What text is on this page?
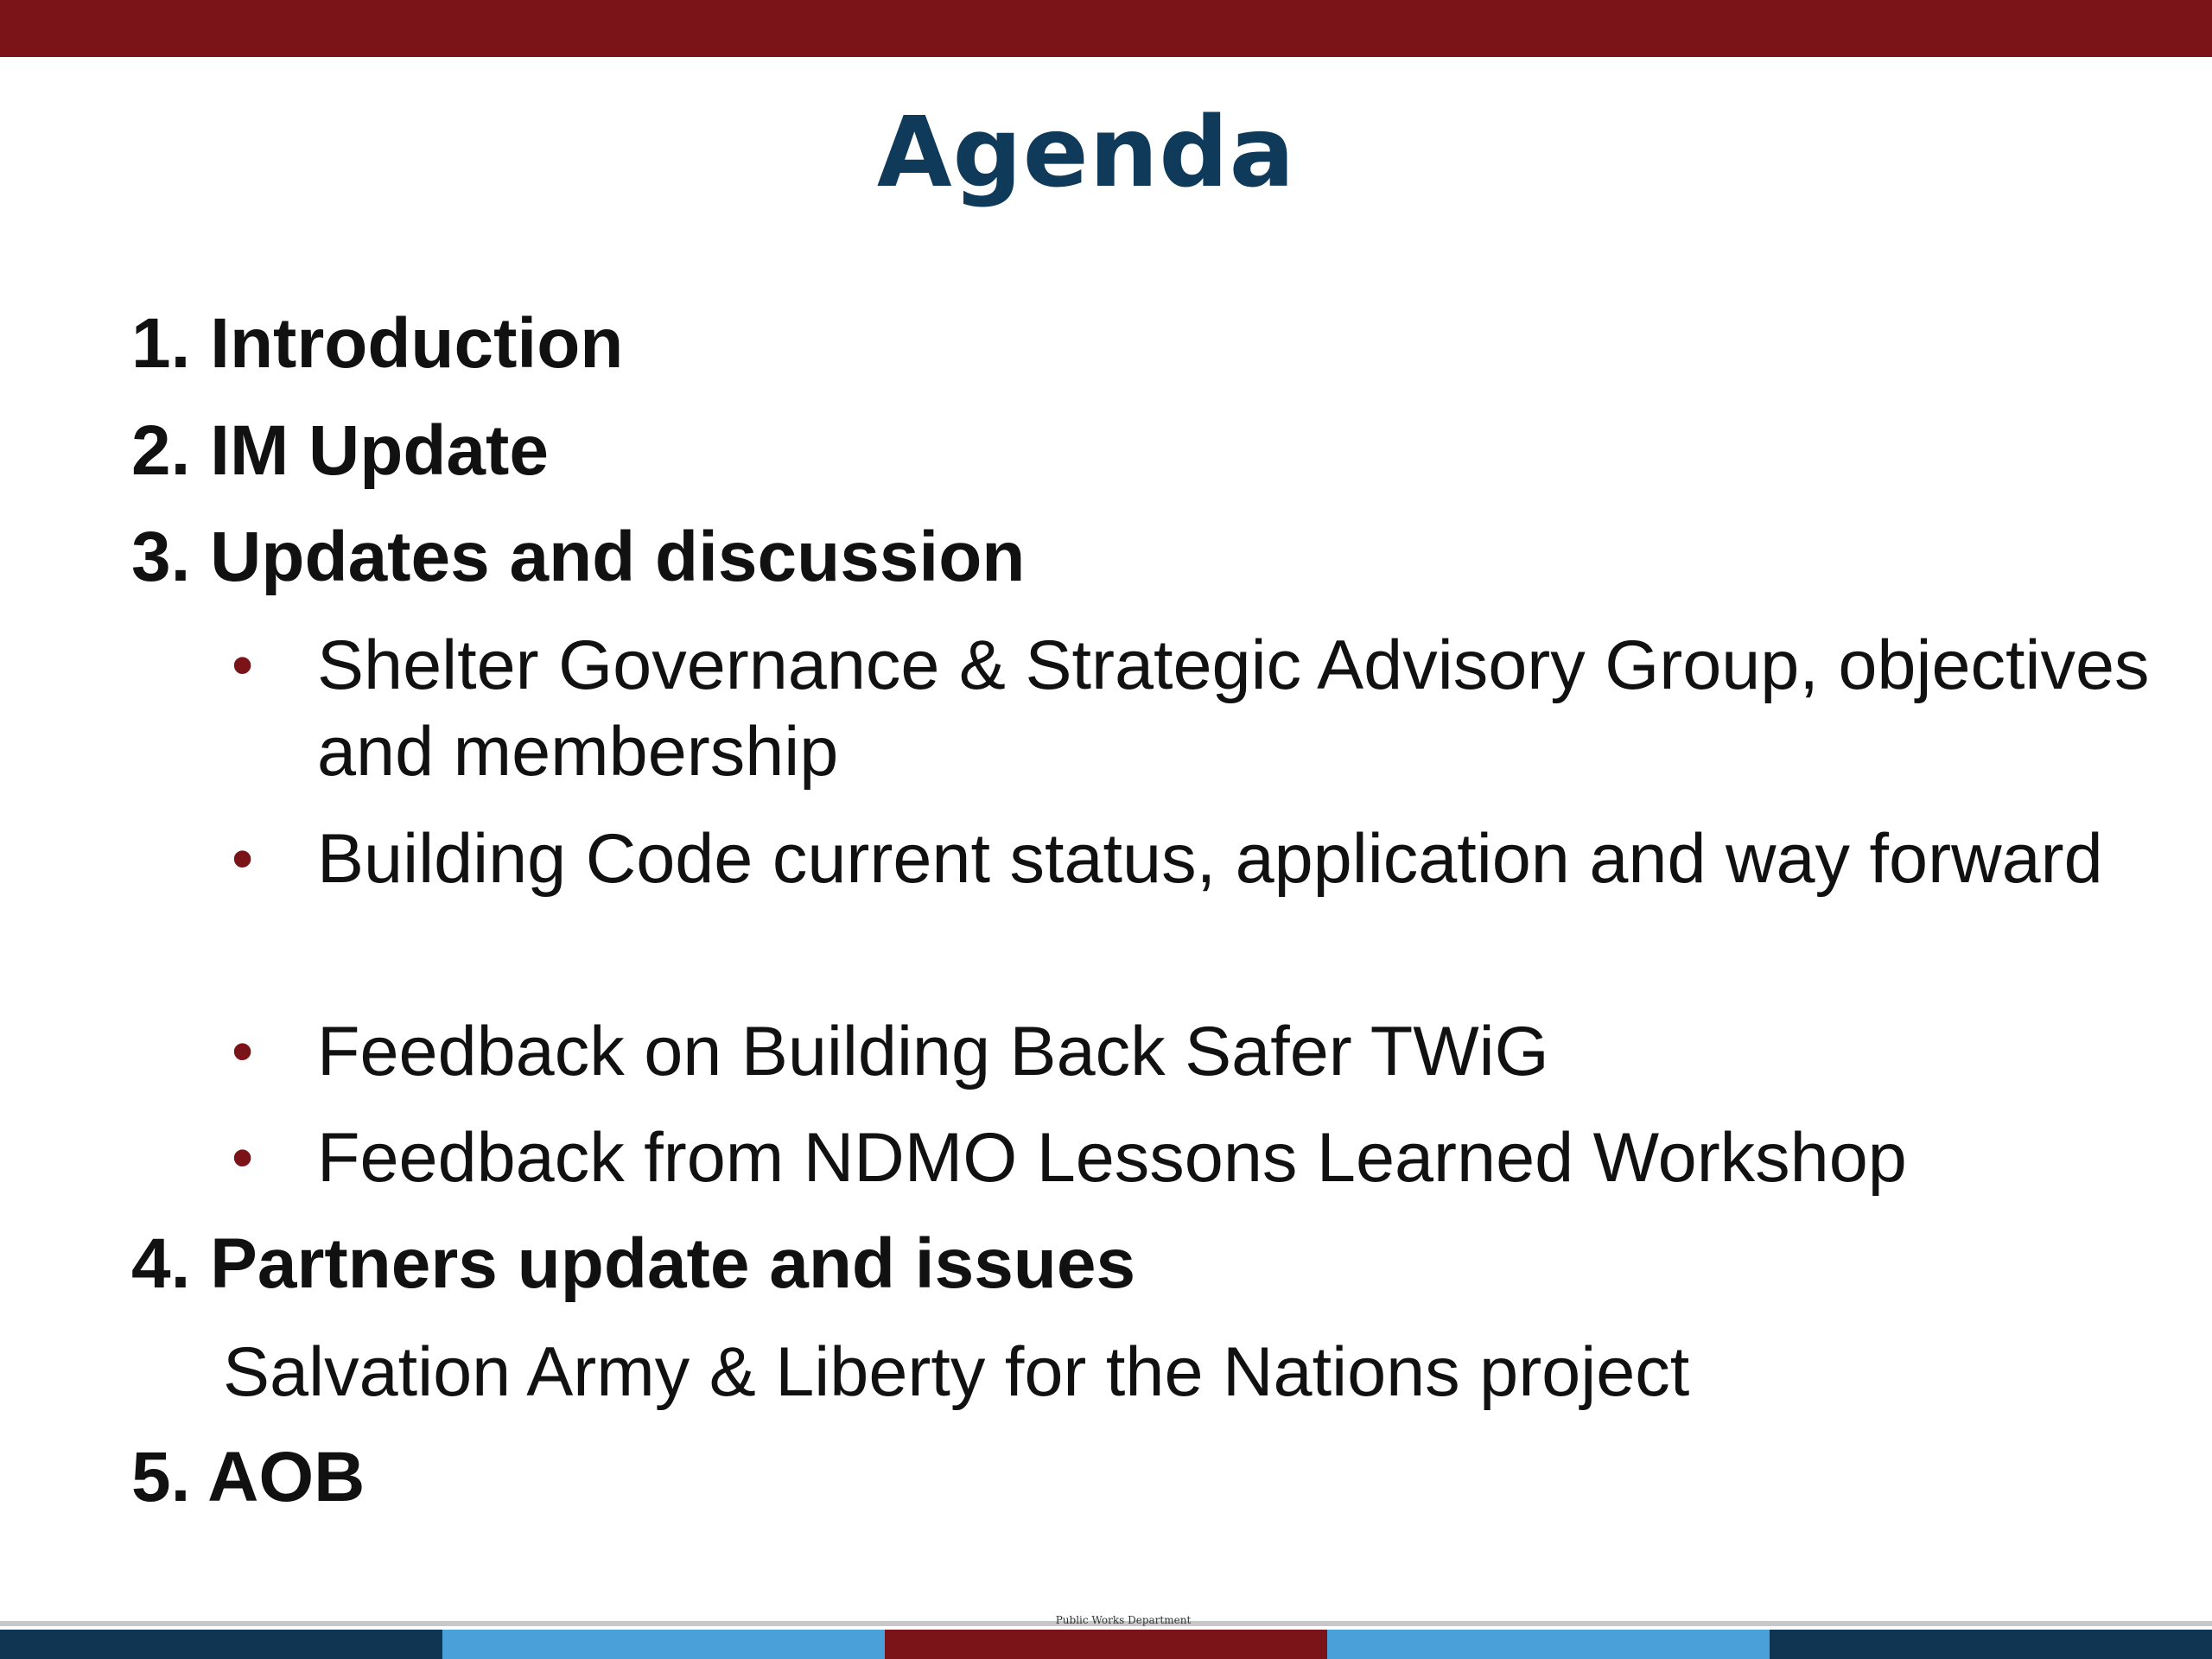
Agenda
1. Introduction
2. IM Update
3. Updates and discussion
• Shelter Governance & Strategic Advisory Group, objectives and membership
• Building Code current status, application and way forward
• Feedback on Building Back Safer TWiG
• Feedback from NDMO Lessons Learned Workshop
4. Partners update and issues
Salvation Army & Liberty for the Nations project
5. AOB
Public Works Department
